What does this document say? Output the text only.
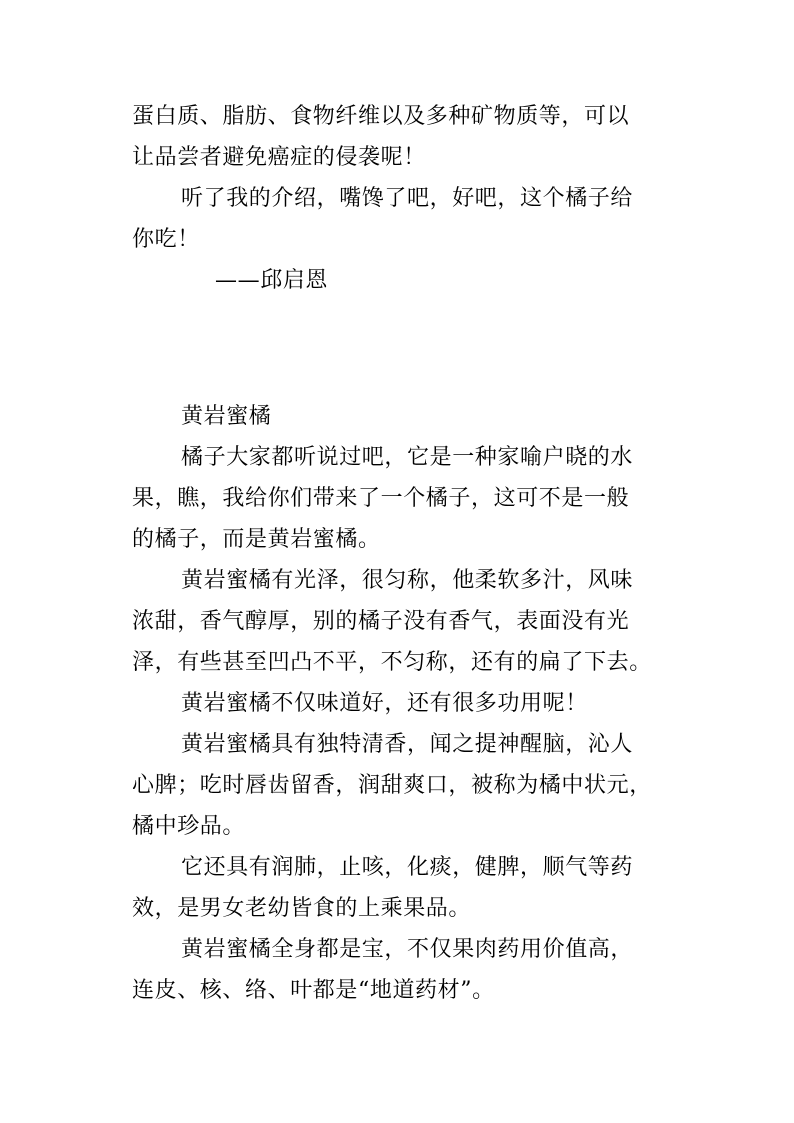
蛋白质、脂肪、食物纤维以及多种矿物质等，可以
让品尝者避免癌症的侵袭呢！
听了我的介绍，嘴馋了吧，好吧，这个橘子给
你吃！
——邱启恩
黄岩蜜橘
橘子大家都听说过吧，它是一种家喻户晓的水
果，瞧，我给你们带来了一个橘子，这可不是一般
的橘子，而是黄岩蜜橘。
黄岩蜜橘有光泽，很匀称，他柔软多汁，风味
浓甜，香气醇厚，别的橘子没有香气，表面没有光
泽，有些甚至凹凸不平，不匀称，还有的扁了下去。
黄岩蜜橘不仅味道好，还有很多功用呢！
黄岩蜜橘具有独特清香，闻之提神醒脑，沁人
心脾；吃时唇齿留香，润甜爽口，被称为橘中状元，
橘中珍品。
它还具有润肺，止咳，化痰，健脾，顺气等药
效，是男女老幼皆食的上乘果品。
黄岩蜜橘全身都是宝，不仅果肉药用价值高，
连皮、核、络、叶都是“地道药材”。
